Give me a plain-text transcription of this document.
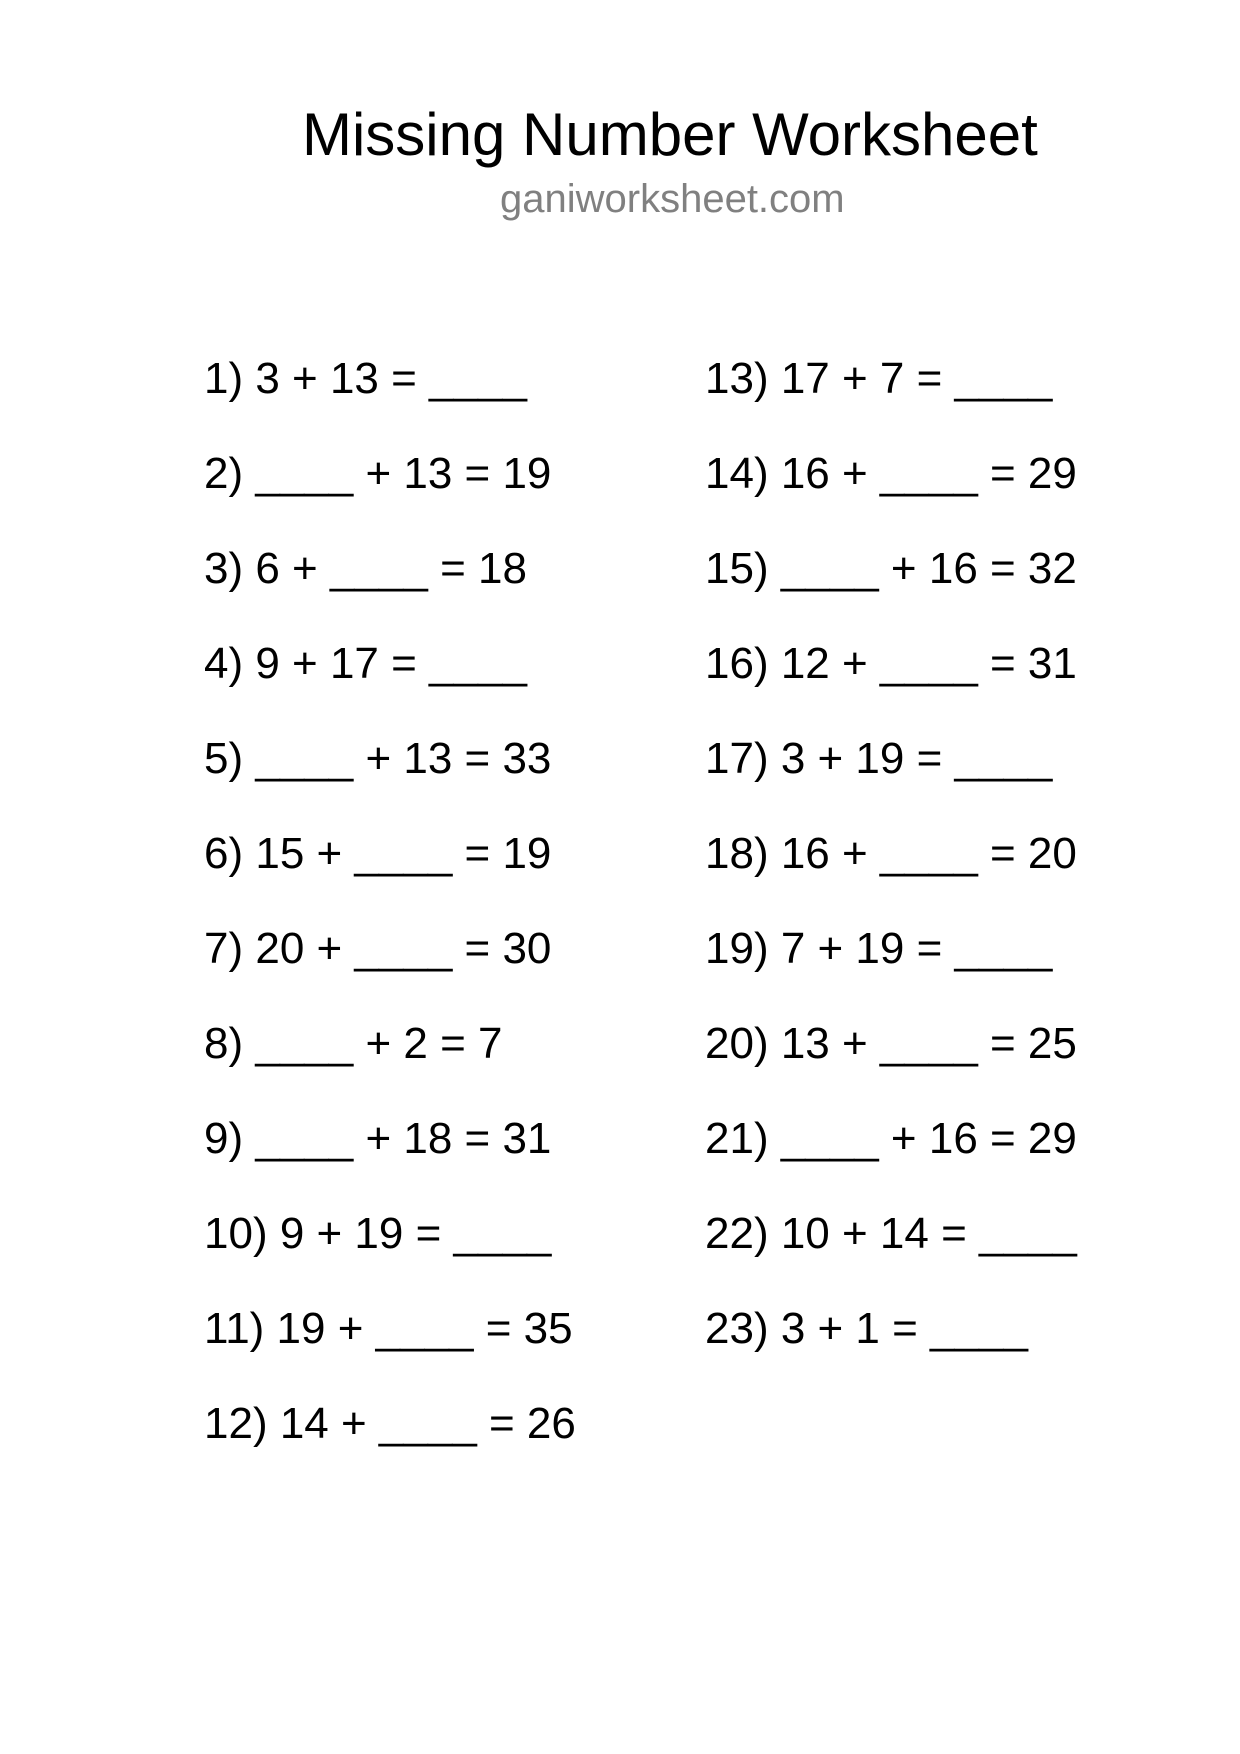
Missing Number Worksheet
ganiworksheet.com
1) 3 + 13 = ____
2) ____ + 13 = 19
3) 6 + ____ = 18
4) 9 + 17 = ____
5) ____ + 13 = 33
6) 15 + ____ = 19
7) 20 + ____ = 30
8) ____ + 2 = 7
9) ____ + 18 = 31
10) 9 + 19 = ____
11) 19 + ____ = 35
12) 14 + ____ = 26
13) 17 + 7 = ____
14) 16 + ____ = 29
15) ____ + 16 = 32
16) 12 + ____ = 31
17) 3 + 19 = ____
18) 16 + ____ = 20
19) 7 + 19 = ____
20) 13 + ____ = 25
21) ____ + 16 = 29
22) 10 + 14 = ____
23) 3 + 1 = ____
